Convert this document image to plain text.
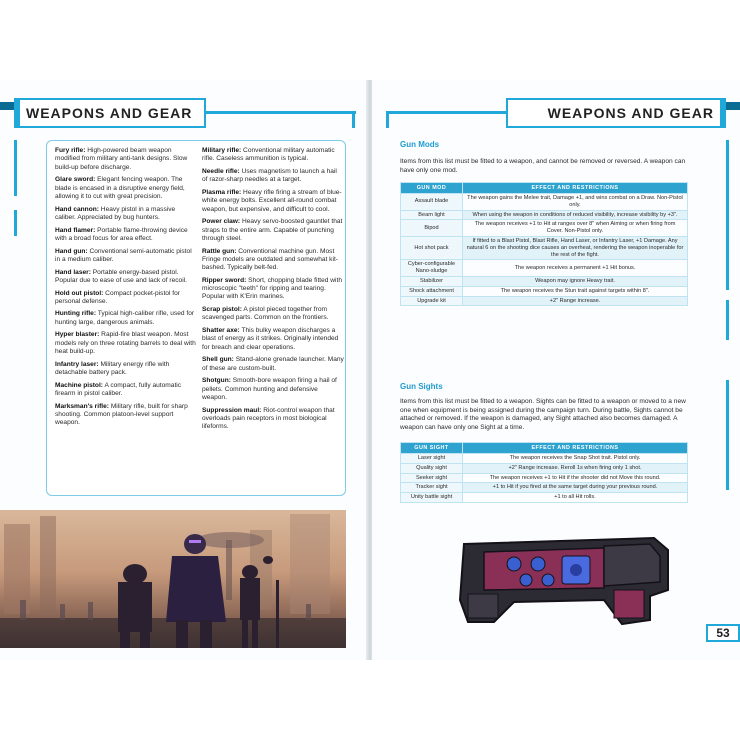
WEAPONS AND GEAR

Fury rifle: High-powered beam weapon modified from military anti-tank designs. Slow build-up before discharge.

Glare sword: Elegant fencing weapon. The blade is encased in a disruptive energy field, allowing it to cut with great precision.

Hand cannon: Heavy pistol in a massive caliber. Appreciated by bug hunters.

Hand flamer: Portable flame-throwing device with a broad focus for area effect.

Hand gun: Conventional semi-automatic pistol in a medium caliber.

Hand laser: Portable energy-based pistol. Popular due to ease of use and lack of recoil.

Hold out pistol: Compact pocket-pistol for personal defense.

Hunting rifle: Typical high-caliber rifle, used for hunting large, dangerous animals.

Hyper blaster: Rapid-fire blast weapon. Most models rely on three rotating barrels to deal with heat build-up.

Infantry laser: Military energy rifle with detachable battery pack.

Machine pistol: A compact, fully automatic firearm in pistol caliber.

Marksman's rifle: Military rifle, built for sharp shooting. Common platoon-level support weapon.

Military rifle: Conventional military automatic rifle. Caseless ammunition is typical.

Needle rifle: Uses magnetism to launch a hail of razor-sharp needles at a target.

Plasma rifle: Heavy rifle firing a stream of blue-white energy bolts. Excellent all-round combat weapon, but expensive, and difficult to cool.

Power claw: Heavy servo-boosted gauntlet that straps to the entire arm. Capable of punching through steel.

Rattle gun: Conventional machine gun. Most Fringe models are outdated and somewhat kit-bashed. Typically belt-fed.

Ripper sword: Short, chopping blade fitted with microscopic "teeth" for ripping and tearing. Popular with K'Erin marines.

Scrap pistol: A pistol pieced together from scavenged parts. Common on the frontiers.

Shatter axe: This bulky weapon discharges a blast of energy as it strikes. Originally intended for breach and clear operations.

Shell gun: Stand-alone grenade launcher. Many of these are custom-built.

Shotgun: Smooth-bore weapon firing a hail of pellets. Common hunting and defensive weapon.

Suppression maul: Riot-control weapon that overloads pain receptors in most biological lifeforms.

WEAPONS AND GEAR
Gun Mods
Items from this list must be fitted to a weapon, and cannot be removed or reversed. A weapon can have only one mod.
GUN MOD	EFFECT AND RESTRICTIONS
Assault blade	The weapon gains the Melee trait, Damage +1, and wins combat on a Draw. Non-Pistol only.
Beam light	When using the weapon in conditions of reduced visibility, increase visibility by +3".
Bipod	The weapon receives +1 to Hit at ranges over 8" when Aiming or when firing from Cover. Non-Pistol only.
Hot shot pack	If fitted to a Blast Pistol, Blast Rifle, Hand Laser, or Infantry Laser, +1 Damage. Any natural 6 on the shooting dice causes an overheat, rendering the weapon inoperable for the rest of the fight.
Cyber-configurable Nano-sludge	The weapon receives a permanent +1 Hit bonus.
Stabilizer	Weapon may ignore Heavy trait.
Shock attachment	The weapon receives the Stun trait against targets within 8".
Upgrade kit	+2" Range increase.
Gun Sights
Items from this list must be fitted to a weapon. Sights can be fitted to a weapon or moved to a new one when equipment is being assigned during the campaign turn. During battle, Sights cannot be attached or removed. If the weapon is damaged, any Sight attached also becomes damaged. A weapon can have only one Sight at a time.
GUN SIGHT	EFFECT AND RESTRICTIONS
Laser sight	The weapon receives the Snap Shot trait. Pistol only.
Quality sight	+2" Range increase. Reroll 1s when firing only 1 shot.
Seeker sight	The weapon receives +1 to Hit if the shooter did not Move this round.
Tracker sight	+1 to Hit if you fired at the same target during your previous round.
Unity battle sight	+1 to all Hit rolls.
53
